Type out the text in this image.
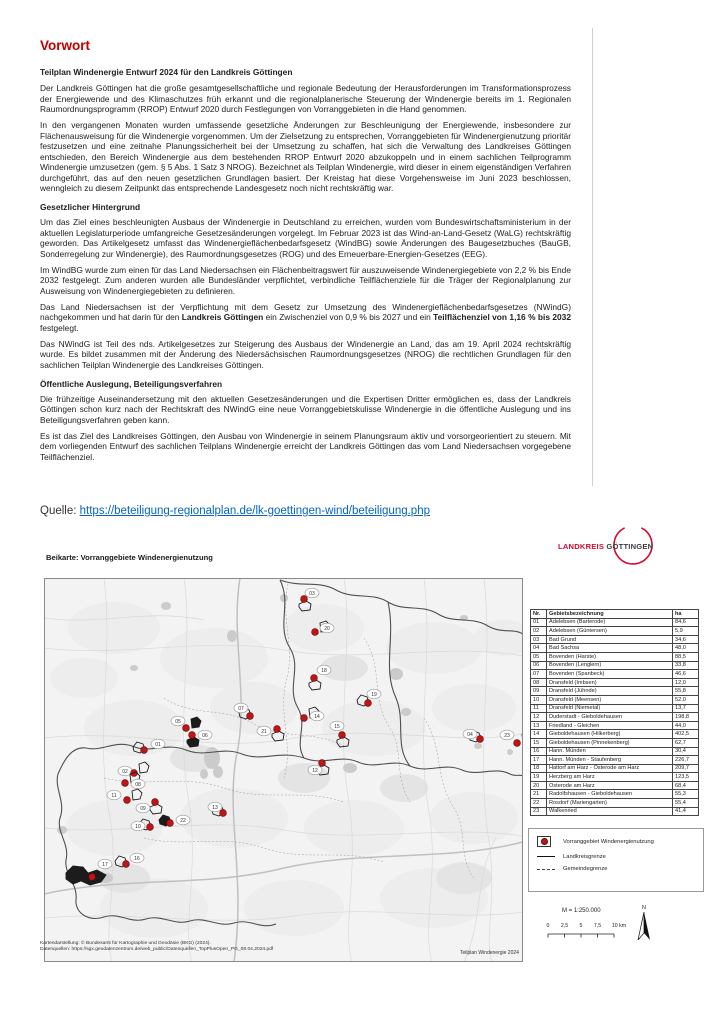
Vorwort
Teilplan Windenergie Entwurf 2024 für den Landkreis Göttingen

Der Landkreis Göttingen hat die große gesamtgesellschaftliche und regionale Bedeutung der Herausforderungen im Transformationsprozess der Energiewende und des Klimaschutzes früh erkannt und die regionalplanerische Steuerung der Windenergie bereits im 1. Regionalen Raumordnungsprogramm (RROP) Entwurf 2020 durch Festlegungen von Vorranggebieten in die Hand genommen.

In den vergangenen Monaten wurden umfassende gesetzliche Änderungen zur Beschleunigung der Energiewende, insbesondere zur Flächenausweisung für die Windenergie vorgenommen. Um der Zielsetzung zu entsprechen, Vorranggebieten für Windenergienutzung prioritär festzusetzen und eine zeitnahe Planungssicherheit bei der Umsetzung zu schaffen, hat sich die Verwaltung des Landkreises Göttingen entschieden, den Bereich Windenergie aus dem bestehenden RROP Entwurf 2020 abzukoppeln und in einem sachlichen Teilprogramm Windenergie umzusetzen (gem. § 5 Abs. 1 Satz 3 NROG). Bezeichnet als Teilplan Windenergie, wird dieser in einem eigenständigen Verfahren durchgeführt, das auf den neuen gesetzlichen Grundlagen basiert. Der Kreistag hat diese Vorgehensweise im Juni 2023 beschlossen, wenngleich zu diesem Zeitpunkt das entsprechende Landesgesetz noch nicht rechtskräftig war.

Gesetzlicher Hintergrund

Um das Ziel eines beschleunigten Ausbaus der Windenergie in Deutschland zu erreichen, wurden vom Bundeswirtschaftsministerium in der aktuellen Legislaturperiode umfangreiche Gesetzesänderungen vorgelegt. Im Februar 2023 ist das Wind-an-Land-Gesetz (WaLG) rechtskräftig geworden. Das Artikelgesetz umfasst das Windenergieflächenbedarfsgesetz (WindBG) sowie Änderungen des Baugesetzbuches (BauGB, Sonderregelung zur Windenergie), des Raumordnungsgesetzes (ROG) und des Erneuerbare-Energien-Gesetzes (EEG).

Im WindBG wurde zum einen für das Land Niedersachsen ein Flächenbeitragswert für auszuweisende Windenergiegebiete von 2,2 % bis Ende 2032 festgelegt. Zum anderen wurden alle Bundesländer verpflichtet, verbindliche Teilflächenziele für die Träger der Regionalplanung zur Ausweisung von Windenergiegebieten zu definieren.

Das Land Niedersachsen ist der Verpflichtung mit dem Gesetz zur Umsetzung des Windenergieflächenbedarfsgesetzes (NWindG) nachgekommen und hat darin für den Landkreis Göttingen ein Zwischenziel von 0,9 % bis 2027 und ein Teilflächenziel von 1,16 % bis 2032 festgelegt.

Das NWindG ist Teil des nds. Artikelgesetzes zur Steigerung des Ausbaus der Windenergie an Land, das am 19. April 2024 rechtskräftig wurde. Es bildet zusammen mit der Änderung des Niedersächsischen Raumordnungsgesetzes (NROG) die rechtlichen Grundlagen für den sachlichen Teilplan Windenergie des Landkreises Göttingen.

Öffentliche Auslegung, Beteiligungsverfahren

Die frühzeitige Auseinandersetzung mit den aktuellen Gesetzesänderungen und die Expertisen Dritter ermöglichen es, dass der Landkreis Göttingen schon kurz nach der Rechtskraft des NWindG eine neue Vorranggebietskulisse Windenergie in die öffentliche Auslegung und ins Beteiligungsverfahren geben kann.

Es ist das Ziel des Landkreises Göttingen, den Ausbau von Windenergie in seinem Planungsraum aktiv und vorsorgeorientiert zu steuern. Mit dem vorliegenden Entwurf des sachlichen Teilplans Windenergie erreicht der Landkreis Göttingen das vom Land Niedersachsen vorgegebene Teilflächenziel.

Quelle: https://beteiligung-regionalplan.de/lk-goettingen-wind/beteiligung.php
Beikarte: Vorranggebiete Windenergienutzung
LANDKREIS GÖTTINGEN
01
02
03
04
05
06
07
08
09
10
11
12
13
14
15
16
17
18
19
20
21
22
23
Nr.	Gebietsbezeichnung	ha
01	Adelebsen (Barterode)	84,6
02	Adelebsen (Güntersen)	5,9
03	Bad Grund	34,6
04	Bad Sachsa	48,0
05	Bovenden (Harste)	88,5
06	Bovenden (Lenglern)	33,8
07	Bovenden (Spanbeck)	46,6
08	Dransfeld (Imbsen)	12,0
09	Dransfeld (Jühnde)	55,8
10	Dransfeld (Meensen)	52,0
11	Dransfeld (Niemetal)	13,7
12	Duderstadt - Gieboldehausen	198,8
13	Friedland - Gleichen	44,0
14	Gieboldehausen (Hilkerberg)	402,5
15	Gieboldehausen (Pinnekenberg)	62,7
16	Hann. Münden	30,4
17	Hann. Münden - Staufenberg	226,7
18	Hattorf am Harz - Osterode am Harz	209,7
19	Herzberg am Harz	123,5
20	Osterode am Harz	68,4
21	Radolfshausen - Gieboldehausen	55,3
22	Rosdorf (Mariengarten)	55,4
23	Walkenried	41,4
Vorranggebiet Windenergienutzung
Landkreisgrenze
Gemeindegrenze
M = 1:250.000
0 2,5 5 7,5 10 km
N
Kartendarstellung: © Bundesamt für Kartographie und Geodäsie (BKG) (2024).
Datenquellen: https://sgx.geodatenzentrum.de/web_public/Datenquellen_TopPlusOpen_PG_08.04.2024.pdf
Teilplan Windenergie 2024
